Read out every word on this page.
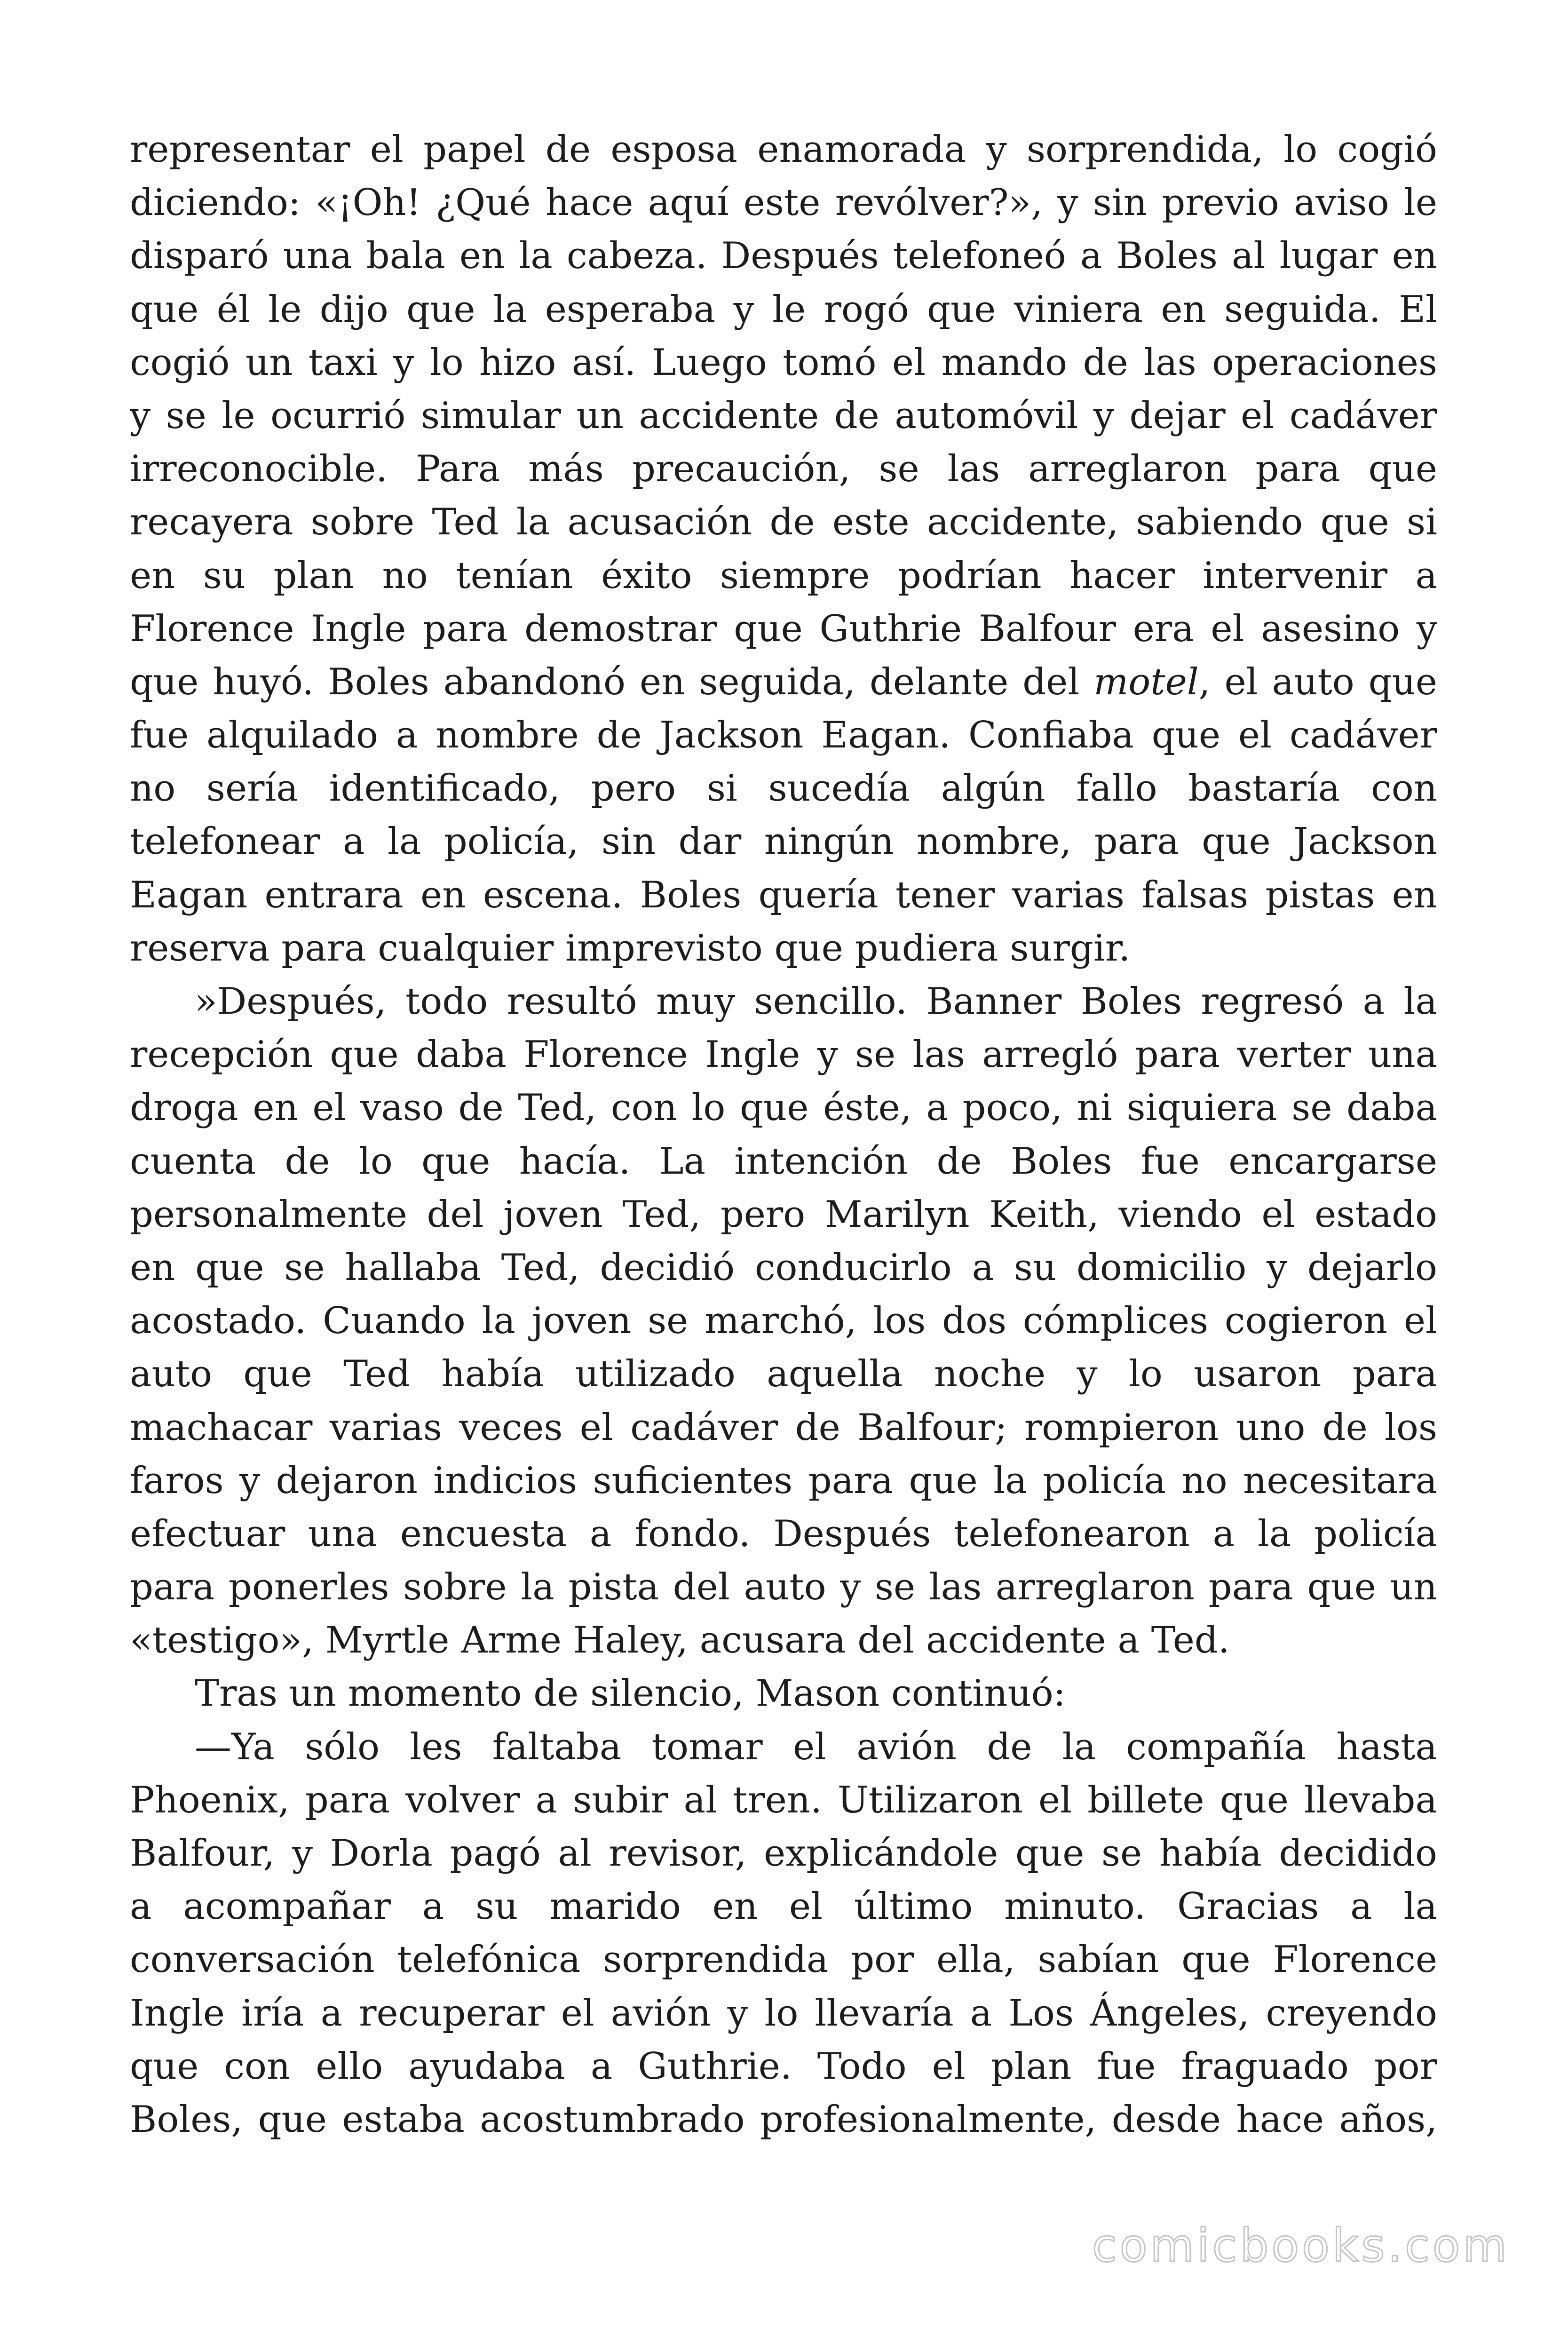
representar el papel de esposa enamorada y sorprendida, lo cogió
diciendo: «¡Oh! ¿Qué hace aquí este revólver?», y sin previo aviso le
disparó una bala en la cabeza. Después telefoneó a Boles al lugar en
que él le dijo que la esperaba y le rogó que viniera en seguida. El
cogió un taxi y lo hizo así. Luego tomó el mando de las operaciones
y se le ocurrió simular un accidente de automóvil y dejar el cadáver
irreconocible. Para más precaución, se las arreglaron para que
recayera sobre Ted la acusación de este accidente, sabiendo que si
en su plan no tenían éxito siempre podrían hacer intervenir a
Florence Ingle para demostrar que Guthrie Balfour era el asesino y
que huyó. Boles abandonó en seguida, delante del motel, el auto que
fue alquilado a nombre de Jackson Eagan. Confiaba que el cadáver
no sería identificado, pero si sucedía algún fallo bastaría con
telefonear a la policía, sin dar ningún nombre, para que Jackson
Eagan entrara en escena. Boles quería tener varias falsas pistas en
reserva para cualquier imprevisto que pudiera surgir.
»Después, todo resultó muy sencillo. Banner Boles regresó a la
recepción que daba Florence Ingle y se las arregló para verter una
droga en el vaso de Ted, con lo que éste, a poco, ni siquiera se daba
cuenta de lo que hacía. La intención de Boles fue encargarse
personalmente del joven Ted, pero Marilyn Keith, viendo el estado
en que se hallaba Ted, decidió conducirlo a su domicilio y dejarlo
acostado. Cuando la joven se marchó, los dos cómplices cogieron el
auto que Ted había utilizado aquella noche y lo usaron para
machacar varias veces el cadáver de Balfour; rompieron uno de los
faros y dejaron indicios suficientes para que la policía no necesitara
efectuar una encuesta a fondo. Después telefonearon a la policía
para ponerles sobre la pista del auto y se las arreglaron para que un
«testigo», Myrtle Arme Haley, acusara del accidente a Ted.
Tras un momento de silencio, Mason continuó:
—Ya sólo les faltaba tomar el avión de la compañía hasta
Phoenix, para volver a subir al tren. Utilizaron el billete que llevaba
Balfour, y Dorla pagó al revisor, explicándole que se había decidido
a acompañar a su marido en el último minuto. Gracias a la
conversación telefónica sorprendida por ella, sabían que Florence
Ingle iría a recuperar el avión y lo llevaría a Los Ángeles, creyendo
que con ello ayudaba a Guthrie. Todo el plan fue fraguado por
Boles, que estaba acostumbrado profesionalmente, desde hace años,
comicbooks.com
